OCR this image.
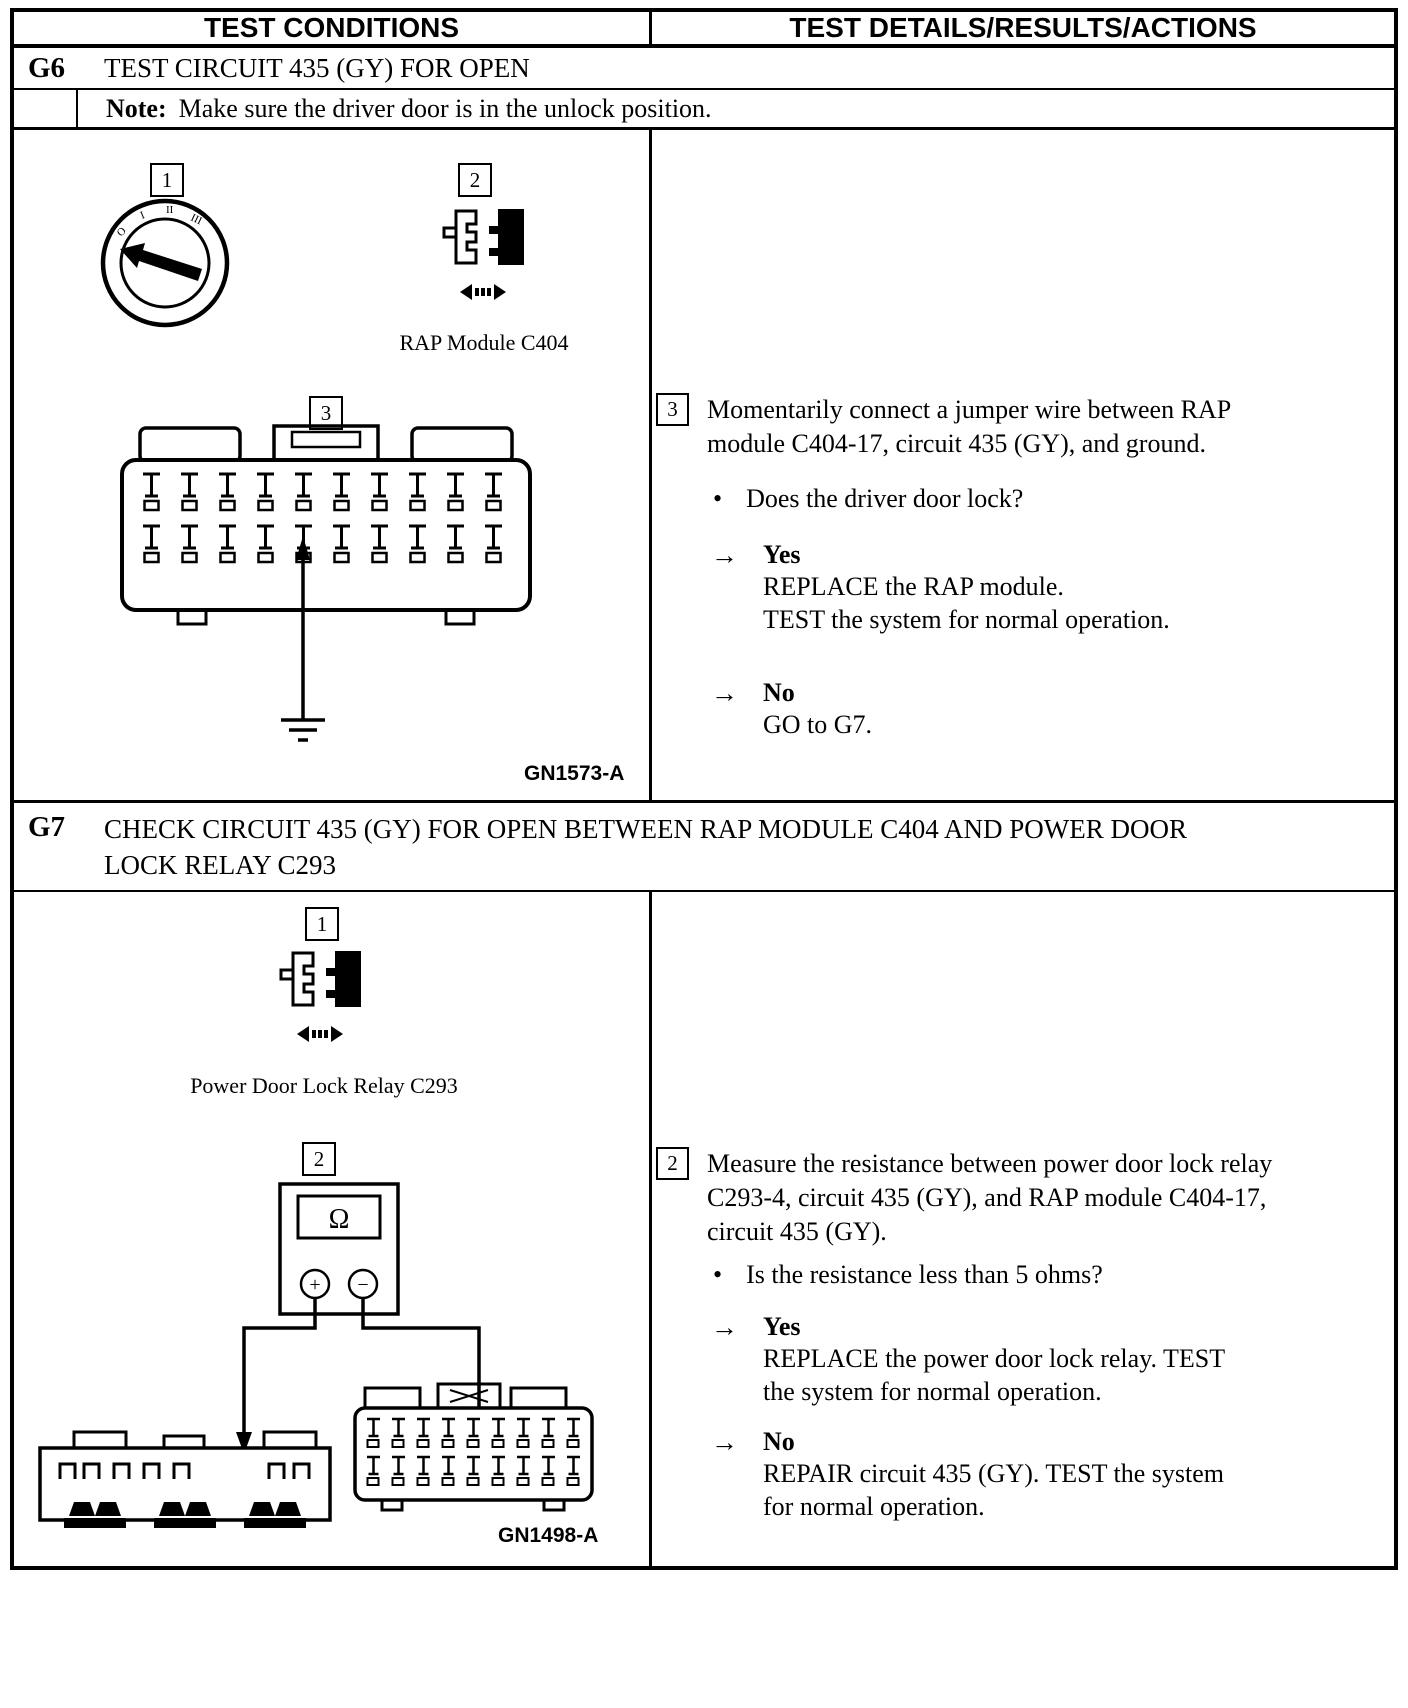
TEST CONDITIONS	TEST DETAILS/RESULTS/ACTIONS
G6	TEST CIRCUIT 435 (GY) FOR OPEN
Note: Make sure the driver door is in the unlock position.
1
O
I II
III
2
RAP Module C404
3
GN1573-A
3	Momentarily connect a jumper wire between RAP module C404-17, circuit 435 (GY), and ground.

• Does the driver door lock?
→ Yes
REPLACE the RAP module.
TEST the system for normal operation.
→ No
GO to G7.
G7	CHECK CIRCUIT 435 (GY) FOR OPEN BETWEEN RAP MODULE C404 AND POWER DOOR
LOCK RELAY C293
1
Power Door Lock Relay C293
2
Ω
+ −
GN1498-A
2	Measure the resistance between power door lock relay C293-4, circuit 435 (GY), and RAP module C404-17, circuit 435 (GY).

• Is the resistance less than 5 ohms?
→ Yes
REPLACE the power door lock relay. TEST
the system for normal operation.
→ No
REPAIR circuit 435 (GY). TEST the system
for normal operation.
